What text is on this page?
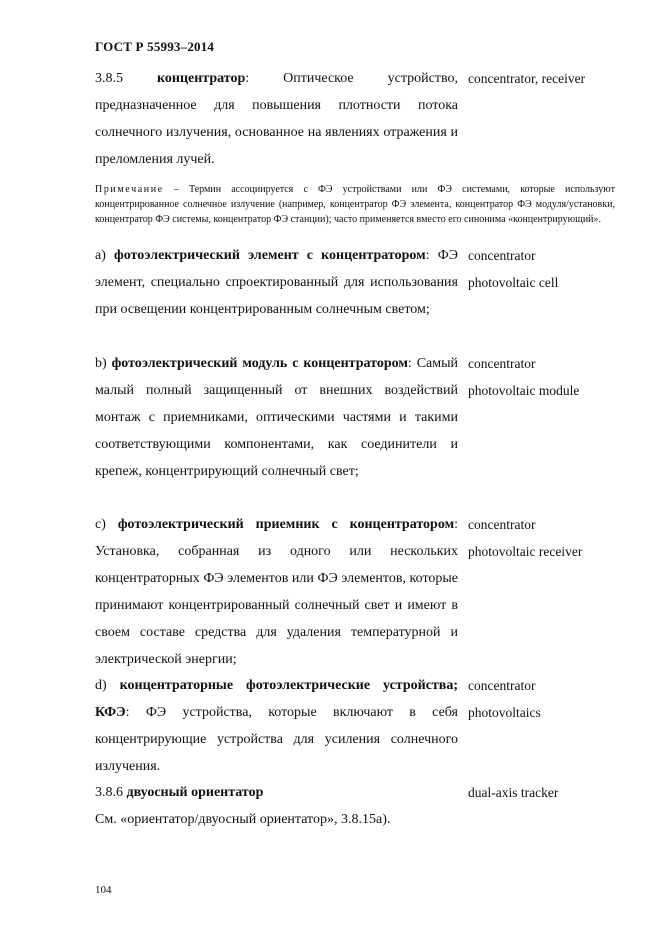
ГОСТ Р 55993–2014
3.8.5 концентратор: Оптическое устройство, предназначенное для повышения плотности потока солнечного излучения, основанное на явлениях отражения и преломления лучей.
concentrator, receiver
Примечание – Термин ассоциируется с ФЭ устройствами или ФЭ системами, которые используют концентрированное солнечное излучение (например, концентратор ФЭ элемента, концентратор ФЭ модуля/установки, концентратор ФЭ системы, концентратор ФЭ станции); часто применяется вместо его синонима «концентрирующий».
a) фотоэлектрический элемент с концентратором: ФЭ элемент, специально спроектированный для использования при освещении концентрированным солнечным светом;
concentrator
photovoltaic cell
b) фотоэлектрический модуль с концентратором: Самый малый полный защищенный от внешних воздействий монтаж с приемниками, оптическими частями и такими соответствующими компонентами, как соединители и крепеж, концентрирующий солнечный свет;
concentrator
photovoltaic module
c) фотоэлектрический приемник с концентратором: Установка, собранная из одного или нескольких концентраторных ФЭ элементов или ФЭ элементов, которые принимают концентрированный солнечный свет и имеют в своем составе средства для удаления температурной и электрической энергии;
concentrator
photovoltaic receiver
d) концентраторные фотоэлектрические устройства; КФЭ: ФЭ устройства, которые включают в себя концентрирующие устройства для усиления солнечного излучения.
concentrator
photovoltaics
3.8.6 двуосный ориентатор
См. «ориентатор/двуосный ориентатор», 3.8.15а).
dual-axis tracker
104
